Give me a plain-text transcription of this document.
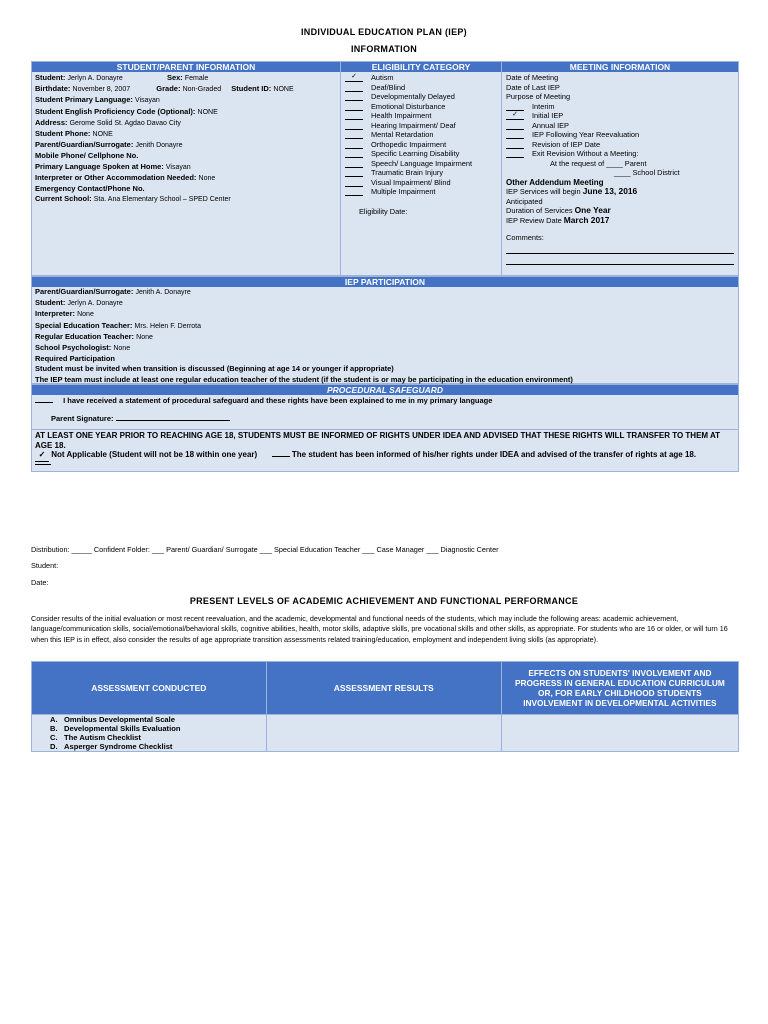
INDIVIDUAL EDUCATION PLAN (IEP)
INFORMATION
STUDENT/PARENT INFORMATION
Student: Jerlyn A. Donayre	Sex: Female
Birthdate: November 8, 2007	Grade: Non-Graded Student ID: NONE
Student Primary Language: Visayan
Student English Proficiency Code (Optional): NONE
Address: Gerome Solid St. Agdao Davao City
Student Phone: NONE
Parent/Guardian/Surrogate: Jenith Donayre
Mobile Phone/ Cellphone No.
Primary Language Spoken at Home: Visayan
Interpreter or Other Accommodation Needed: None
Emergency Contact/Phone No.
Current School: Sta. Ana Elementary School – SPED Center
ELIGIBILITY CATEGORY
✓ Autism
Deaf/Blind
Developmentally Delayed
Emotional Disturbance
Health Impairment
Hearing Impairment/ Deaf
Mental Retardation
Orthopedic Impairment
Specific Learning Disability
Speech/ Language Impairment
Traumatic Brain Injury
Visual Impairment/ Blind
Multiple Impairment
Eligibility Date:
MEETING INFORMATION
Date of Meeting
Date of Last IEP
Purpose of Meeting
Interim
✓ Initial IEP
Annual IEP
IEP Following Year Reevaluation
Revision of IEP Date
Exit Revision Without a Meeting:
At the request of ____ Parent
____ School District
Other Addendum Meeting
IEP Services will begin June 13, 2016
Anticipated
Duration of Services One Year
IEP Review Date March 2017
Comments:
IEP PARTICIPATION
Parent/Guardian/Surrogate: Jenith A. Donayre
Student: Jerlyn A. Donayre
Interpreter: None
Special Education Teacher: Mrs. Helen F. Derrota
Regular Education Teacher: None
School Psychologist: None
Required Participation
Student must be invited when transition is discussed (Beginning at age 14 or younger if appropriate)
The IEP team must include at least one regular education teacher of the student (if the student is or may be participating in the education environment)
PROCEDURAL SAFEGUARD
I have received a statement of procedural safeguard and these rights have been explained to me in my primary language
Parent Signature:
AT LEAST ONE YEAR PRIOR TO REACHING AGE 18, STUDENTS MUST BE INFORMED OF RIGHTS UNDER IDEA AND ADVISED THAT THESE RIGHTS WILL TRANSFER TO THEM AT AGE 18.
✓ Not Applicable (Student will not be 18 within one year)	The student has been informed of his/her rights under IDEA and advised of the transfer of rights at age 18.
Distribution: _____ Confident Folder: ___ Parent/ Guardian/ Surrogate ___ Special Education Teacher ___ Case Manager ___ Diagnostic Center
Student:
Date:
PRESENT LEVELS OF ACADEMIC ACHIEVEMENT AND FUNCTIONAL PERFORMANCE
Consider results of the initial evaluation or most recent reevaluation, and the academic, developmental and functional needs of the students, which may include the following areas: academic achievement, language/communication skills, social/emotional/behavioral skills, cognitive abilities, health, motor skills, adaptive skills, pre vocational skills and other skills, as appropriate. For students who are 16 or older, or will turn 16 when this IEP is in effect, also consider the results of age appropriate transition assessments related training/education, employment and independent living skills (as appropriate).
ASSESSMENT CONDUCTED	ASSESSMENT RESULTS	EFFECTS ON STUDENTS' INVOLVEMENT AND PROGRESS IN GENERAL EDUCATION CURRICULUM OR, FOR EARLY CHILDHOOD STUDENTS INVOLVEMENT IN DEVELOPMENTAL ACTIVITIES

A. Omnibus Developmental Scale
B. Developmental Skills Evaluation
C. The Autism Checklist
D. Asperger Syndrome Checklist		
